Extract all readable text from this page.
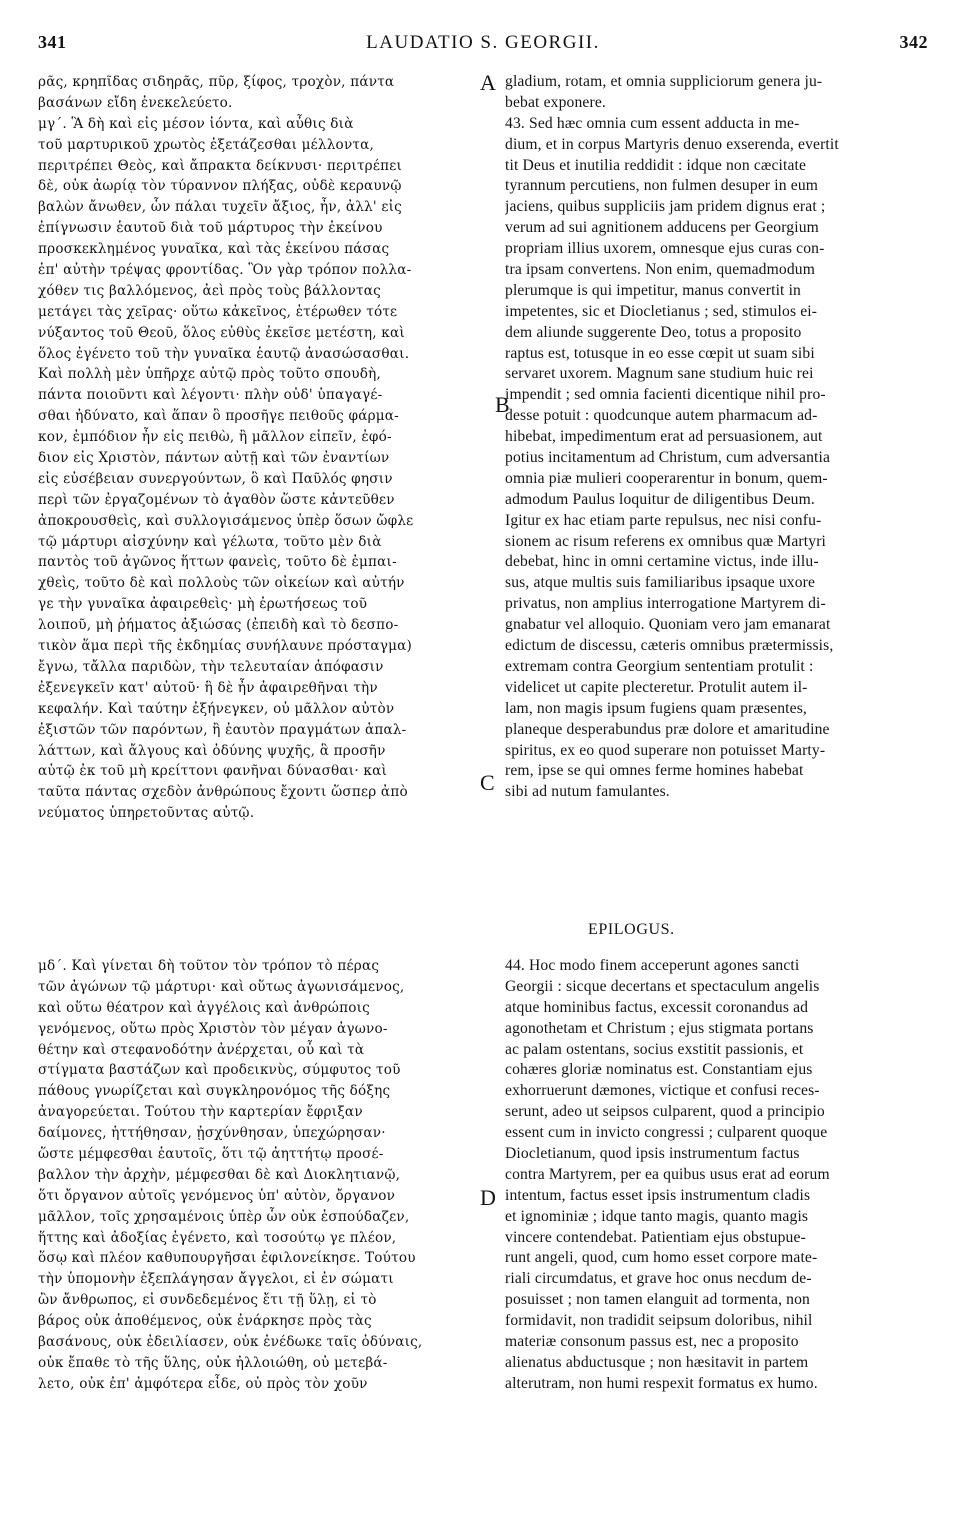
341	LAUDATIO S. GEORGII.	342
A
B
C
D
ρᾶς, κρηπῖδας σιδηρᾶς, πῦρ, ξίφος, τροχὸν, πάντα
βασάνων εἴδη ἐνεκελεύετο.
μγ΄. Ἃ δὴ καὶ εἰς μέσον ἰόντα, καὶ αὖθις διὰ
τοῦ μαρτυρικοῦ χρωτὸς ἐξετάζεσθαι μέλλοντα,
περιτρέπει Θεὸς, καὶ ἄπρακτα δείκνυσι· περιτρέπει
δὲ, οὐκ ἀωρίᾳ τὸν τύραννον πλήξας, οὐδὲ κεραυνῷ
βαλὼν ἄνωθεν, ὧν πάλαι τυχεῖν ἄξιος, ἦν, ἀλλ' εἰς
ἐπίγνωσιν ἑαυτοῦ διὰ τοῦ μάρτυρος τὴν ἐκείνου
προσκεκλημένος γυναῖκα, καὶ τὰς ἐκείνου πάσας
ἐπ' αὐτὴν τρέψας φροντίδας. Ὃν γὰρ τρόπον πολλα-
χόθεν τις βαλλόμενος, ἀεὶ πρὸς τοὺς βάλλοντας
μετάγει τὰς χεῖρας· οὕτω κἀκεῖνος, ἑτέρωθεν τότε
νύξαντος τοῦ Θεοῦ, ὅλος εὐθὺς ἐκεῖσε μετέστη, καὶ
ὅλος ἐγένετο τοῦ τὴν γυναῖκα ἑαυτῷ ἀνασώσασθαι.
Καὶ πολλὴ μὲν ὑπῆρχε αὐτῷ πρὸς τοῦτο σπουδὴ,
πάντα ποιοῦντι καὶ λέγοντι· πλὴν οὐδ' ὑπαγαγέ-
σθαι ἠδύνατο, καὶ ἅπαν ὃ προσῆγε πειθοῦς φάρμα-
κον, ἐμπόδιον ἦν εἰς πειθὼ, ἢ μᾶλλον εἰπεῖν, ἐφό-
διον εἰς Χριστὸν, πάντων αὐτῇ καὶ τῶν ἐναντίων
εἰς εὐσέβειαν συνεργούντων, ὃ καὶ Παῦλός φησιν
περὶ τῶν ἐργαζομένων τὸ ἀγαθὸν ὥστε κἀντεῦθεν
ἀποκρουσθεὶς, καὶ συλλογισάμενος ὑπὲρ ὅσων ὤφλε
τῷ μάρτυρι αἰσχύνην καὶ γέλωτα, τοῦτο μὲν διὰ
παντὸς τοῦ ἀγῶνος ἥττων φανεὶς, τοῦτο δὲ ἐμπαι-
χθεὶς, τοῦτο δὲ καὶ πολλοὺς τῶν οἰκείων καὶ αὐτήν
γε τὴν γυναῖκα ἀφαιρεθεὶς· μὴ ἐρωτήσεως τοῦ
λοιποῦ, μὴ ῥήματος ἀξιώσας (ἐπειδὴ καὶ τὸ δεσπο-
τικὸν ἅμα περὶ τῆς ἐκδημίας συνήλαυνε πρόσταγμα)
ἔγνω, τἄλλα παριδὼν, τὴν τελευταίαν ἀπόφασιν
ἐξενεγκεῖν κατ' αὐτοῦ· ἣ δὲ ἦν ἀφαιρεθῆναι τὴν
κεφαλήν. Καὶ ταύτην ἐξήνεγκεν, οὐ μᾶλλον αὐτὸν
ἐξιστῶν τῶν παρόντων, ἢ ἑαυτὸν πραγμάτων ἀπαλ-
λάττων, καὶ ἄλγους καὶ ὀδύνης ψυχῆς, ἃ προσῆν
αὐτῷ ἐκ τοῦ μὴ κρείττονι φανῆναι δύνασθαι· καὶ
ταῦτα πάντας σχεδὸν ἀνθρώπους ἔχοντι ὥσπερ ἀπὸ
νεύματος ὑπηρετοῦντας αὐτῷ.
gladium, rotam, et omnia suppliciorum genera ju-
bebat exponere.
43. Sed hæc omnia cum essent adducta in me-
dium, et in corpus Martyris denuo exserenda, evertit
tit Deus et inutilia reddidit : idque non cæcitate
tyrannum percutiens, non fulmen desuper in eum
jaciens, quibus suppliciis jam pridem dignus erat ;
verum ad sui agnitionem adducens per Georgium
propriam illius uxorem, omnesque ejus curas con-
tra ipsam convertens. Non enim, quemadmodum
plerumque is qui impetitur, manus convertit in
impetentes, sic et Diocletianus ; sed, stimulos ei-
dem aliunde suggerente Deo, totus a proposito
raptus est, totusque in eo esse cœpit ut suam sibi
servaret uxorem. Magnum sane studium huic rei
impendit ; sed omnia facienti dicentique nihil pro-
desse potuit : quodcunque autem pharmacum ad-
hibebat, impedimentum erat ad persuasionem, aut
potius incitamentum ad Christum, cum adversantia
omnia piæ mulieri cooperarentur in bonum, quem-
admodum Paulus loquitur de diligentibus Deum.
Igitur ex hac etiam parte repulsus, nec nisi confu-
sionem ac risum referens ex omnibus quæ Martyri
debebat, hinc in omni certamine victus, inde illu-
sus, atque multis suis familiaribus ipsaque uxore
privatus, non amplius interrogatione Martyrem di-
gnabatur vel alloquio. Quoniam vero jam emanarat
edictum de discessu, cæteris omnibus prætermissis,
extremam contra Georgium sententiam protulit :
videlicet ut capite plecteretur. Protulit autem il-
lam, non magis ipsum fugiens quam præsentes,
planeque desperabundus præ dolore et amaritudine
spiritus, ex eo quod superare non potuisset Marty-
rem, ipse se qui omnes ferme homines habebat
sibi ad nutum famulantes.
EPILOGUS.
μδ΄. Καὶ γίνεται δὴ τοῦτον τὸν τρόπον τὸ πέρας
τῶν ἀγώνων τῷ μάρτυρι· καὶ οὕτως ἀγωνισάμενος,
καὶ οὕτω θέατρον καὶ ἀγγέλοις καὶ ἀνθρώποις
γενόμενος, οὕτω πρὸς Χριστὸν τὸν μέγαν ἀγωνο-
θέτην καὶ στεφανοδότην ἀνέρχεται, οὗ καὶ τὰ
στίγματα βαστάζων καὶ προδεικνὺς, σύμφυτος τοῦ
πάθους γνωρίζεται καὶ συγκληρονόμος τῆς δόξης
ἀναγορεύεται. Τούτου τὴν καρτερίαν ἔφριξαν
δαίμονες, ἡττήθησαν, ᾐσχύνθησαν, ὑπεχώρησαν·
ὥστε μέμφεσθαι ἑαυτοῖς, ὅτι τῷ ἀηττήτῳ προσέ-
βαλλον τὴν ἀρχὴν, μέμφεσθαι δὲ καὶ Διοκλητιανῷ,
ὅτι ὄργανον αὐτοῖς γενόμενος ὑπ' αὐτὸν, ὄργανον
μᾶλλον, τοῖς χρησαμένοις ὑπὲρ ὧν οὐκ ἐσπούδαζεν,
ἥττης καὶ ἀδοξίας ἐγένετο, καὶ τοσούτῳ γε πλέον,
ὅσῳ καὶ πλέον καθυπουργῆσαι ἐφιλονείκησε. Τούτου
τὴν ὑπομονὴν ἐξεπλάγησαν ἄγγελοι, εἰ ἐν σώματι
ὢν ἄνθρωπος, εἰ συνδεδεμένος ἔτι τῇ ὕλῃ, εἰ τὸ
βάρος οὐκ ἀποθέμενος, οὐκ ἐνάρκησε πρὸς τὰς
βασάνους, οὐκ ἐδειλίασεν, οὐκ ἐνέδωκε ταῖς ὀδύναις,
οὐκ ἔπαθε τὸ τῆς ὕλης, οὐκ ἠλλοιώθη, οὐ μετεβά-
λετο, οὐκ ἐπ' ἀμφότερα εἶδε, οὐ πρὸς τὸν χοῦν
44. Hoc modo finem acceperunt agones sancti
Georgii : sicque decertans et spectaculum angelis
atque hominibus factus, excessit coronandus ad
agonothetam et Christum ; ejus stigmata portans
ac palam ostentans, socius exstitit passionis, et
cohæres gloriæ nominatus est. Constantiam ejus
exhorruerunt dæmones, victique et confusi reces-
serunt, adeo ut seipsos culparent, quod a principio
essent cum in invicto congressi ; culparent quoque
Diocletianum, quod ipsis instrumentum factus
contra Martyrem, per ea quibus usus erat ad eorum
intentum, factus esset ipsis instrumentum cladis
et ignominiæ ; idque tanto magis, quanto magis
vincere contendebat. Patientiam ejus obstupue-
runt angeli, quod, cum homo esset corpore mate-
riali circumdatus, et grave hoc onus necdum de-
posuisset ; non tamen elanguit ad tormenta, non
formidavit, non tradidit seipsum doloribus, nihil
materiæ consonum passus est, nec a proposito
alienatus abductusque ; non hæsitavit in partem
alterutram, non humi respexit formatus ex humo.
